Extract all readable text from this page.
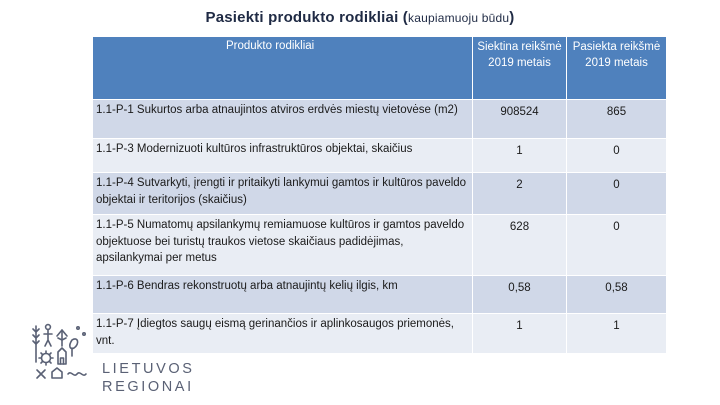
Pasiekti produkto rodikliai (kaupiamuoju būdu)
Produkto rodikliai	Siektina reikšmė 2019 metais	Pasiekta reikšmė 2019 metais
1.1-P-1 Sukurtos arba atnaujintos atviros erdvės miestų vietovėse (m2)	908524	865
1.1-P-3 Modernizuoti kultūros infrastruktūros objektai, skaičius	1	0
1.1-P-4 Sutvarkyti, įrengti ir pritaikyti lankymui gamtos ir kultūros paveldo objektai ir teritorijos (skaičius)	2	0
1.1-P-5 Numatomų apsilankymų remiamuose kultūros ir gamtos paveldo objektuose bei turistų traukos vietose skaičiaus padidėjimas, apsilankymai per metus	628	0
1.1-P-6 Bendras rekonstruotų arba atnaujintų kelių ilgis, km	0,58	0,58
1.1-P-7 Įdiegtos saugų eismą gerinančios ir aplinkosaugos priemonės, vnt.	1	1
LIETUVOS
REGIONAI
